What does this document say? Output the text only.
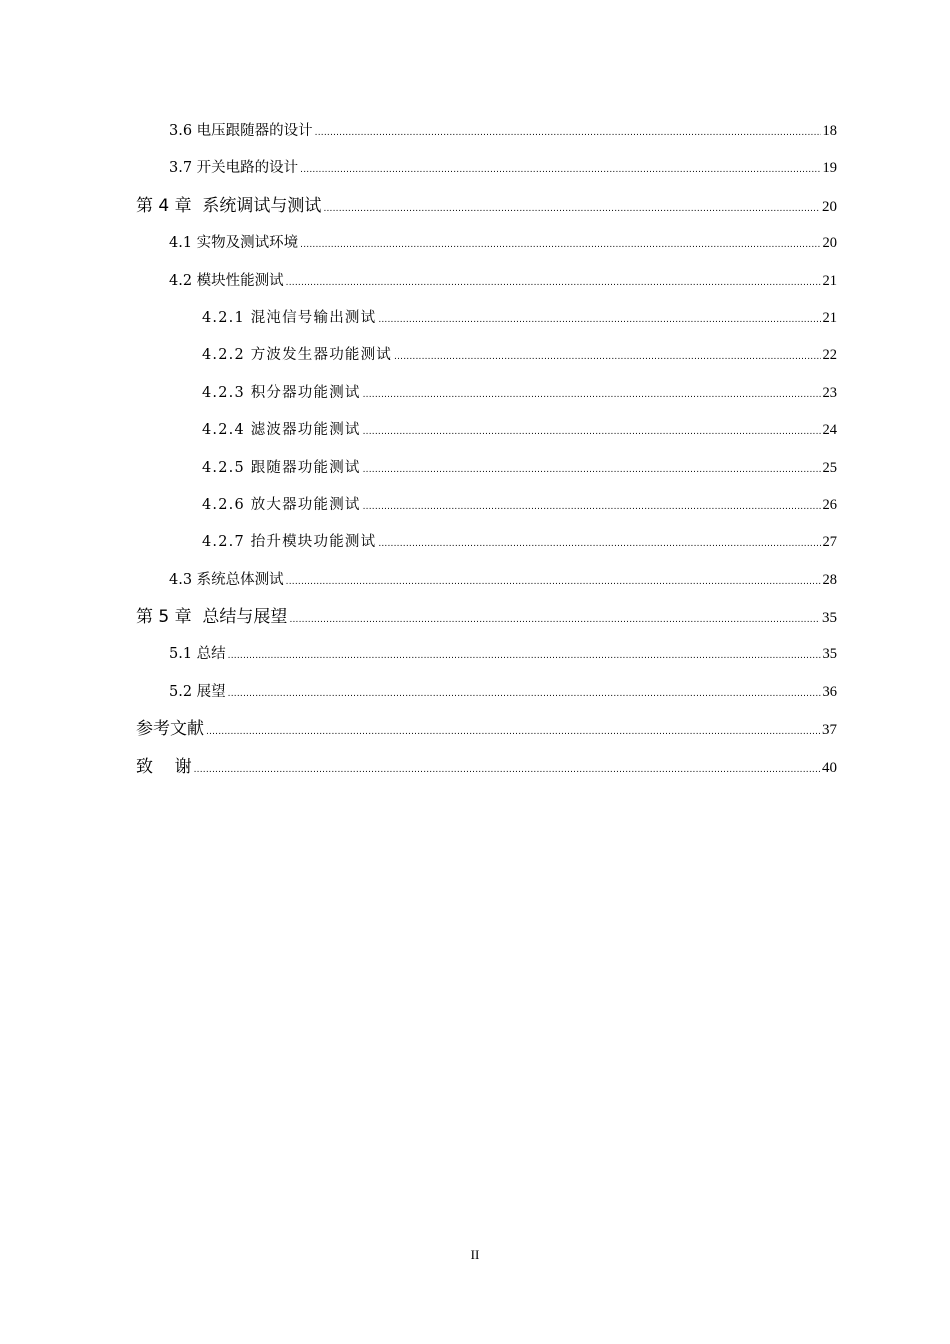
3.6 电压跟随器的设计 .....	18
3.7 开关电路的设计 .....	19
第 4 章  系统调试与测试 .....	20
4.1 实物及测试环境 .....	20
4.2 模块性能测试 .....	21
4.2.1 混沌信号输出测试 .....	21
4.2.2 方波发生器功能测试 .....	22
4.2.3 积分器功能测试 .....	23
4.2.4 滤波器功能测试 .....	24
4.2.5 跟随器功能测试 .....	25
4.2.6 放大器功能测试 .....	26
4.2.7 抬升模块功能测试 .....	27
4.3 系统总体测试 .....	28
第 5 章  总结与展望 .....	35
5.1 总结 .....	35
5.2 展望 .....	36
参考文献 .....	37
致    谢 .....	40
II
